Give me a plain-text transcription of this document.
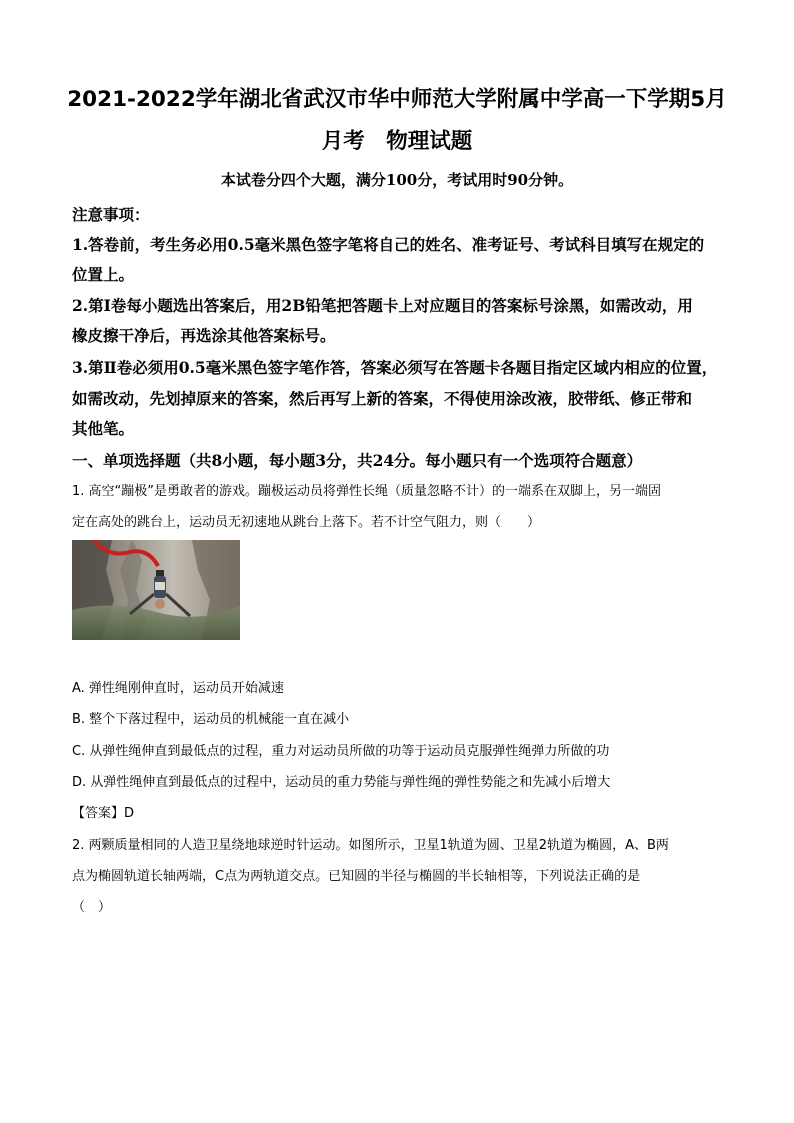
2021-2022学年湖北省武汉市华中师范大学附属中学高一下学期5月
月考　物理试题
本试卷分四个大题，满分100分，考试用时90分钟。
注意事项：
1.答卷前，考生务必用0.5毫米黑色签字笔将自己的姓名、准考证号、考试科目填写在规定的
位置上。
2.第Ⅰ卷每小题选出答案后，用2B铅笔把答题卡上对应题目的答案标号涂黑，如需改动，用
橡皮擦干净后，再选涂其他答案标号。
3.第Ⅱ卷必须用0.5毫米黑色签字笔作答，答案必须写在答题卡各题目指定区域内相应的位置，
如需改动，先划掉原来的答案，然后再写上新的答案，不得使用涂改液，胶带纸、修正带和
其他笔。
一、单项选择题（共8小题，每小题3分，共24分。每小题只有一个选项符合题意）
1. 高空“蹦极”是勇敢者的游戏。蹦极运动员将弹性长绳（质量忽略不计）的一端系在双脚上，另一端固
定在高处的跳台上，运动员无初速地从跳台上落下。若不计空气阻力，则（　　）
A. 弹性绳刚伸直时，运动员开始减速
B. 整个下落过程中，运动员的机械能一直在减小
C. 从弹性绳伸直到最低点的过程，重力对运动员所做的功等于运动员克服弹性绳弹力所做的功
D. 从弹性绳伸直到最低点的过程中，运动员的重力势能与弹性绳的弹性势能之和先减小后增大
【答案】D
2. 两颗质量相同的人造卫星绕地球逆时针运动。如图所示，卫星1轨道为圆、卫星2轨道为椭圆，A、B两
点为椭圆轨道长轴两端，C点为两轨道交点。已知圆的半径与椭圆的半长轴相等，下列说法正确的是
（　）
